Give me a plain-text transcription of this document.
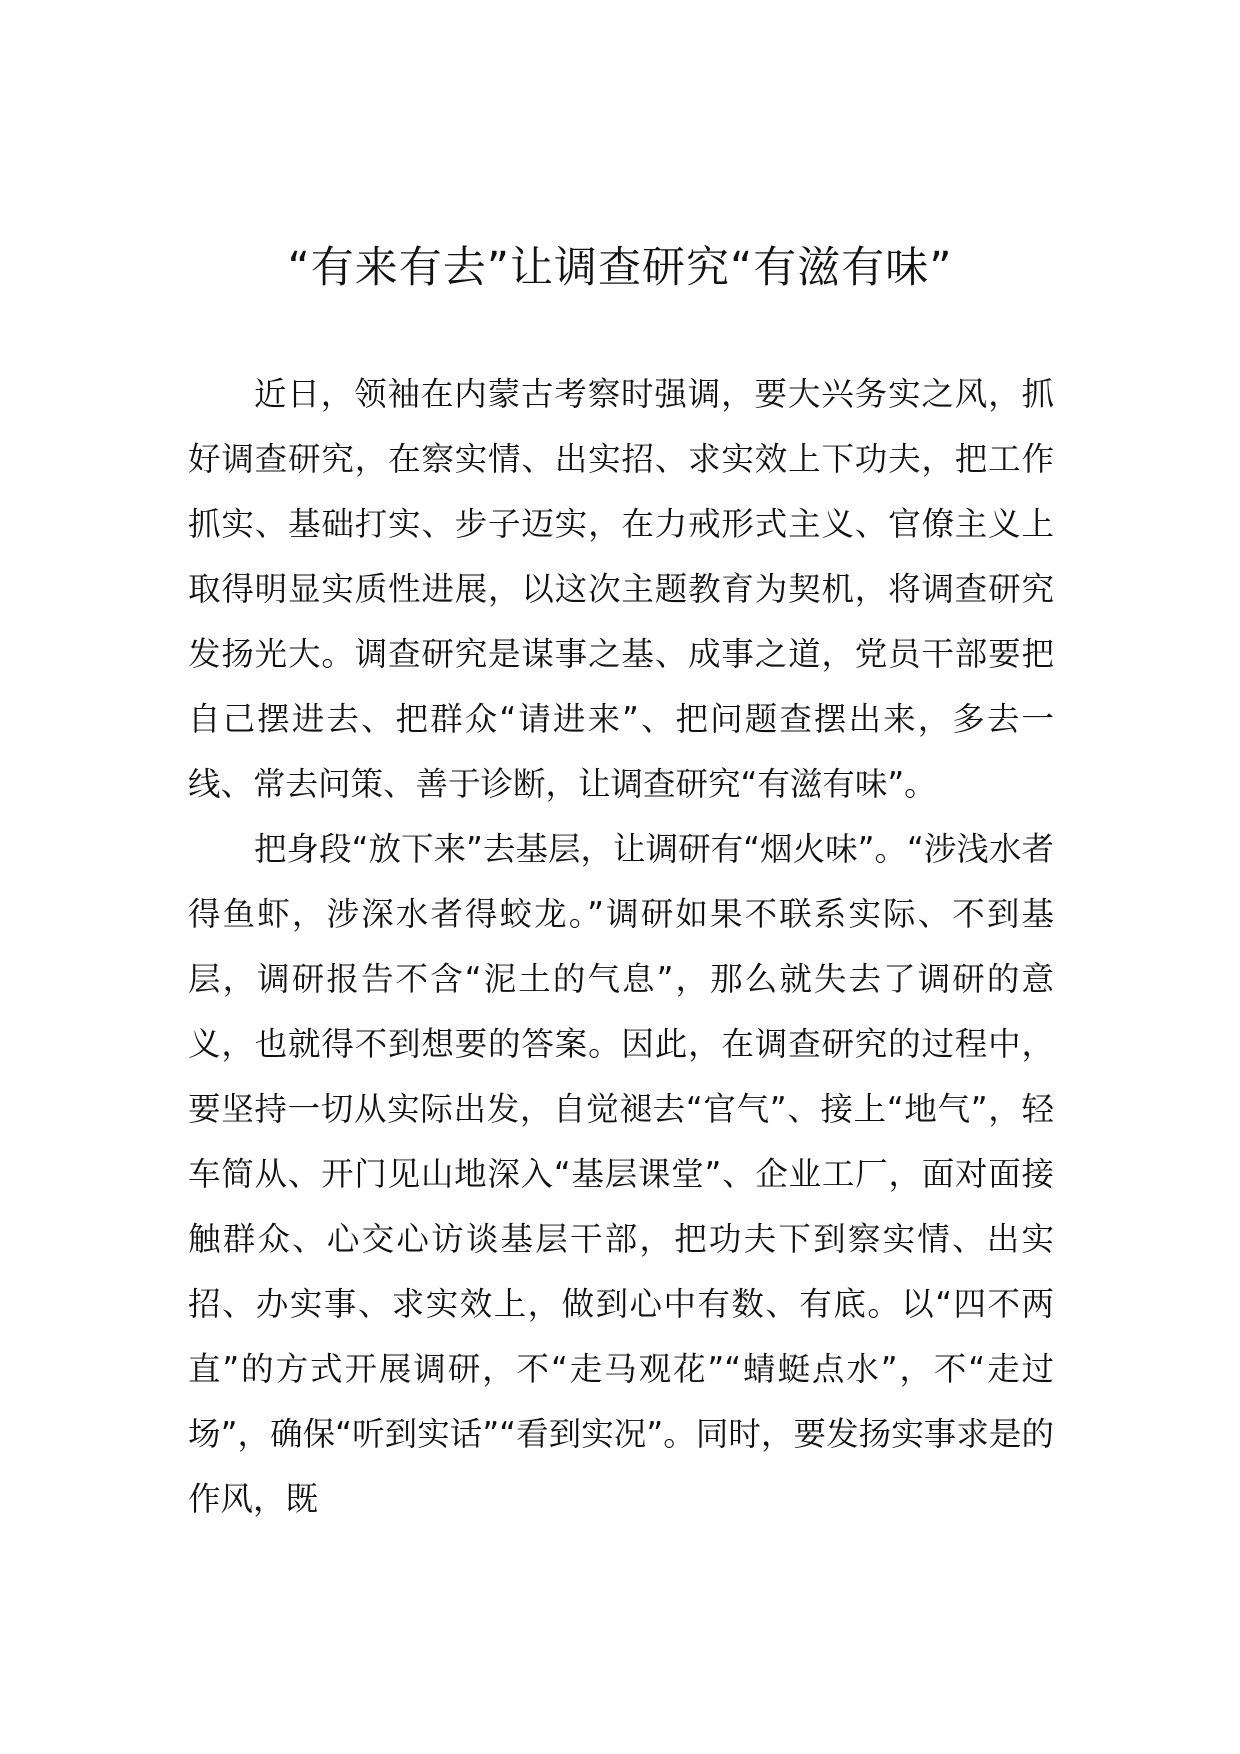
“有来有去”让调查研究“有滋有味”

近日，领袖在内蒙古考察时强调，要大兴务实之风，抓好调查研究，在察实情、出实招、求实效上下功夫，把工作抓实、基础打实、步子迈实，在力戒形式主义、官僚主义上取得明显实质性进展，以这次主题教育为契机，将调查研究发扬光大。调查研究是谋事之基、成事之道，党员干部要把自己摆进去、把群众“请进来”、把问题查摆出来，多去一线、常去问策、善于诊断，让调查研究“有滋有味”。

把身段“放下来”去基层，让调研有“烟火味”。“涉浅水者得鱼虾，涉深水者得蛟龙。”调研如果不联系实际、不到基层，调研报告不含“泥土的气息”，那么就失去了调研的意义，也就得不到想要的答案。因此，在调查研究的过程中，要坚持一切从实际出发，自觉褪去“官气”、接上“地气”，轻车简从、开门见山地深入“基层课堂”、企业工厂，面对面接触群众、心交心访谈基层干部，把功夫下到察实情、出实招、办实事、求实效上，做到心中有数、有底。以“四不两直”的方式开展调研，不“走马观花”“蜻蜓点水”，不“走过场”，确保“听到实话”“看到实况”。同时，要发扬实事求是的作风，既
